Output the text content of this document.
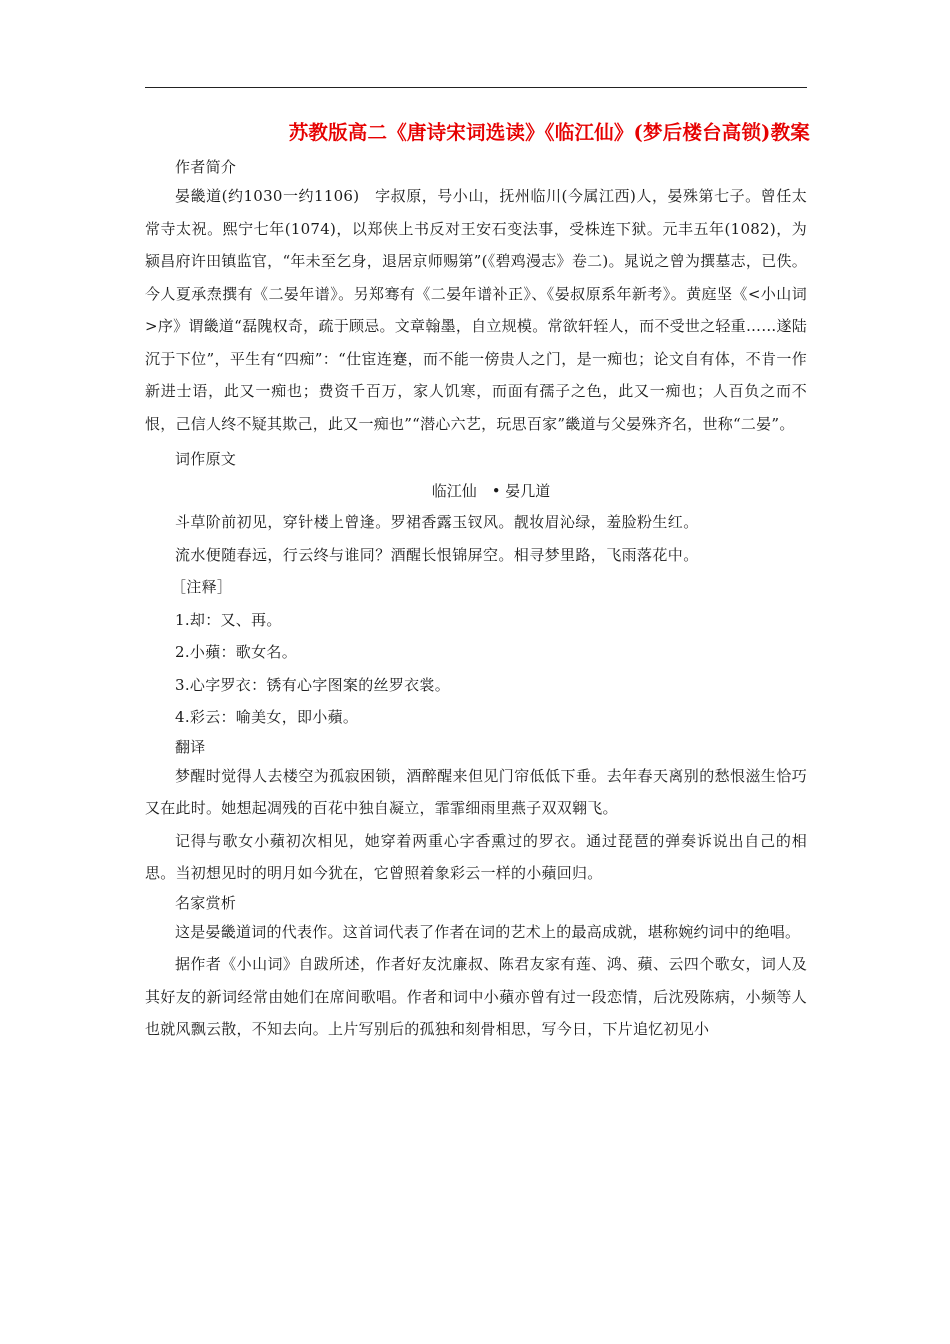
苏教版高二《唐诗宋词选读》《临江仙》(梦后楼台高锁)教案
作者简介

晏畿道(约1030一约1106)　字叔原，号小山，抚州临川(今属江西)人，晏殊第七子。曾任太常寺太祝。熙宁七年(1074)，以郑侠上书反对王安石变法事，受株连下狱。元丰五年(1082)，为颍昌府许田镇监官，“年未至乞身，退居京师赐第”(《碧鸡漫志》卷二)。晁说之曾为撰墓志，已佚。今人夏承焘撰有《二晏年谱》。另郑骞有《二晏年谱补正》、《晏叔原系年新考》。黄庭坚《<小山词>序》谓畿道“磊隗权奇，疏于顾忌。文章翰墨，自立规模。常欲轩轾人，而不受世之轻重……遂陆沉于下位”，平生有“四痴”：“仕宦连蹇，而不能一傍贵人之门，是一痴也；论文自有体，不肯一作新进士语，此又一痴也；费资千百万，家人饥寒，而面有孺子之色，此又一痴也；人百负之而不恨，己信人终不疑其欺己，此又一痴也”“潜心六艺，玩思百家”畿道与父晏殊齐名，世称“二晏”。

词作原文
临江仙　• 晏几道
斗草阶前初见，穿针楼上曾逢。罗裙香露玉钗风。靓妆眉沁绿，羞脸粉生红。
流水便随春远，行云终与谁同？酒醒长恨锦屏空。相寻梦里路，飞雨落花中。
［注释］
1.却：又、再。
2.小蘋：歌女名。
3.心字罗衣：锈有心字图案的丝罗衣裳。
4.彩云：喻美女，即小蘋。
翻译

梦醒时觉得人去楼空为孤寂困锁，酒醉醒来但见门帘低低下垂。去年春天离别的愁恨滋生恰巧又在此时。她想起凋残的百花中独自凝立，霏霏细雨里燕子双双翱飞。

记得与歌女小蘋初次相见，她穿着两重心字香熏过的罗衣。通过琵琶的弹奏诉说出自己的相思。当初想见时的明月如今犹在，它曾照着象彩云一样的小蘋回归。

名家赏析

这是晏畿道词的代表作。这首词代表了作者在词的艺术上的最高成就，堪称婉约词中的绝唱。

据作者《小山词》自跋所述，作者好友沈廉叔、陈君友家有莲、鸿、蘋、云四个歌女，词人及其好友的新词经常由她们在席间歌唱。作者和词中小蘋亦曾有过一段恋情，后沈殁陈病，小频等人也就风飘云散，不知去向。上片写别后的孤独和刻骨相思，写今日，下片追忆初见小
